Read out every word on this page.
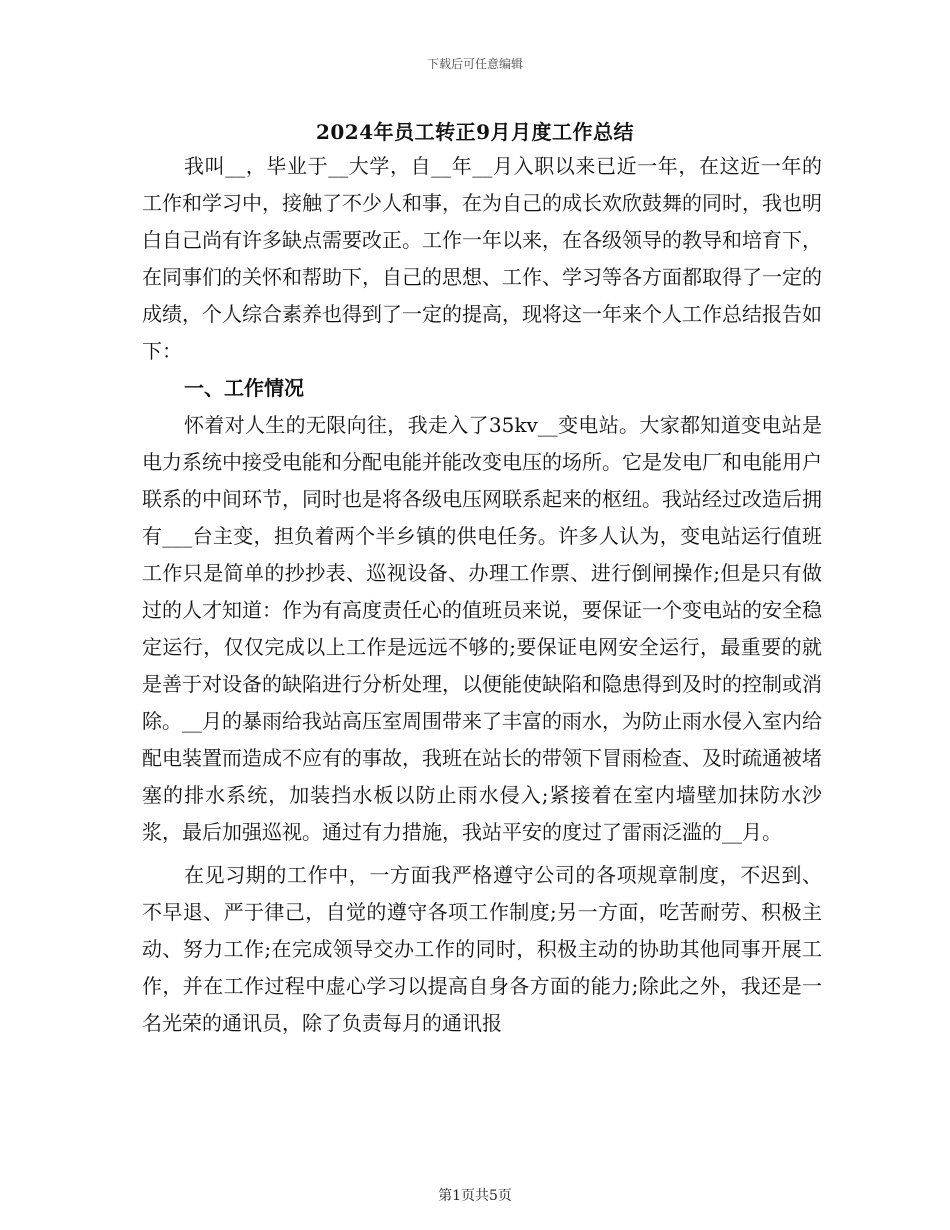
下载后可任意编辑
2024年员工转正9月月度工作总结

我叫__，毕业于__大学，自__年__月入职以来已近一年，在这近一年的工作和学习中，接触了不少人和事，在为自己的成长欢欣鼓舞的同时，我也明白自己尚有许多缺点需要改正。工作一年以来，在各级领导的教导和培育下，在同事们的关怀和帮助下，自己的思想、工作、学习等各方面都取得了一定的成绩，个人综合素养也得到了一定的提高，现将这一年来个人工作总结报告如下：

一、工作情况

怀着对人生的无限向往，我走入了35kv__变电站。大家都知道变电站是电力系统中接受电能和分配电能并能改变电压的场所。它是发电厂和电能用户联系的中间环节，同时也是将各级电压网联系起来的枢纽。我站经过改造后拥有___台主变，担负着两个半乡镇的供电任务。许多人认为，变电站运行值班工作只是简单的抄抄表、巡视设备、办理工作票、进行倒闸操作;但是只有做过的人才知道：作为有高度责任心的值班员来说，要保证一个变电站的安全稳定运行，仅仅完成以上工作是远远不够的;要保证电网安全运行，最重要的就是善于对设备的缺陷进行分析处理，以便能使缺陷和隐患得到及时的控制或消除。__月的暴雨给我站高压室周围带来了丰富的雨水，为防止雨水侵入室内给配电装置而造成不应有的事故，我班在站长的带领下冒雨检查、及时疏通被堵塞的排水系统，加装挡水板以防止雨水侵入;紧接着在室内墙壁加抹防水沙浆，最后加强巡视。通过有力措施，我站平安的度过了雷雨泛滥的__月。

在见习期的工作中，一方面我严格遵守公司的各项规章制度，不迟到、不早退、严于律己，自觉的遵守各项工作制度;另一方面，吃苦耐劳、积极主动、努力工作;在完成领导交办工作的同时，积极主动的协助其他同事开展工作，并在工作过程中虚心学习以提高自身各方面的能力;除此之外，我还是一名光荣的通讯员，除了负责每月的通讯报

第1页共5页
